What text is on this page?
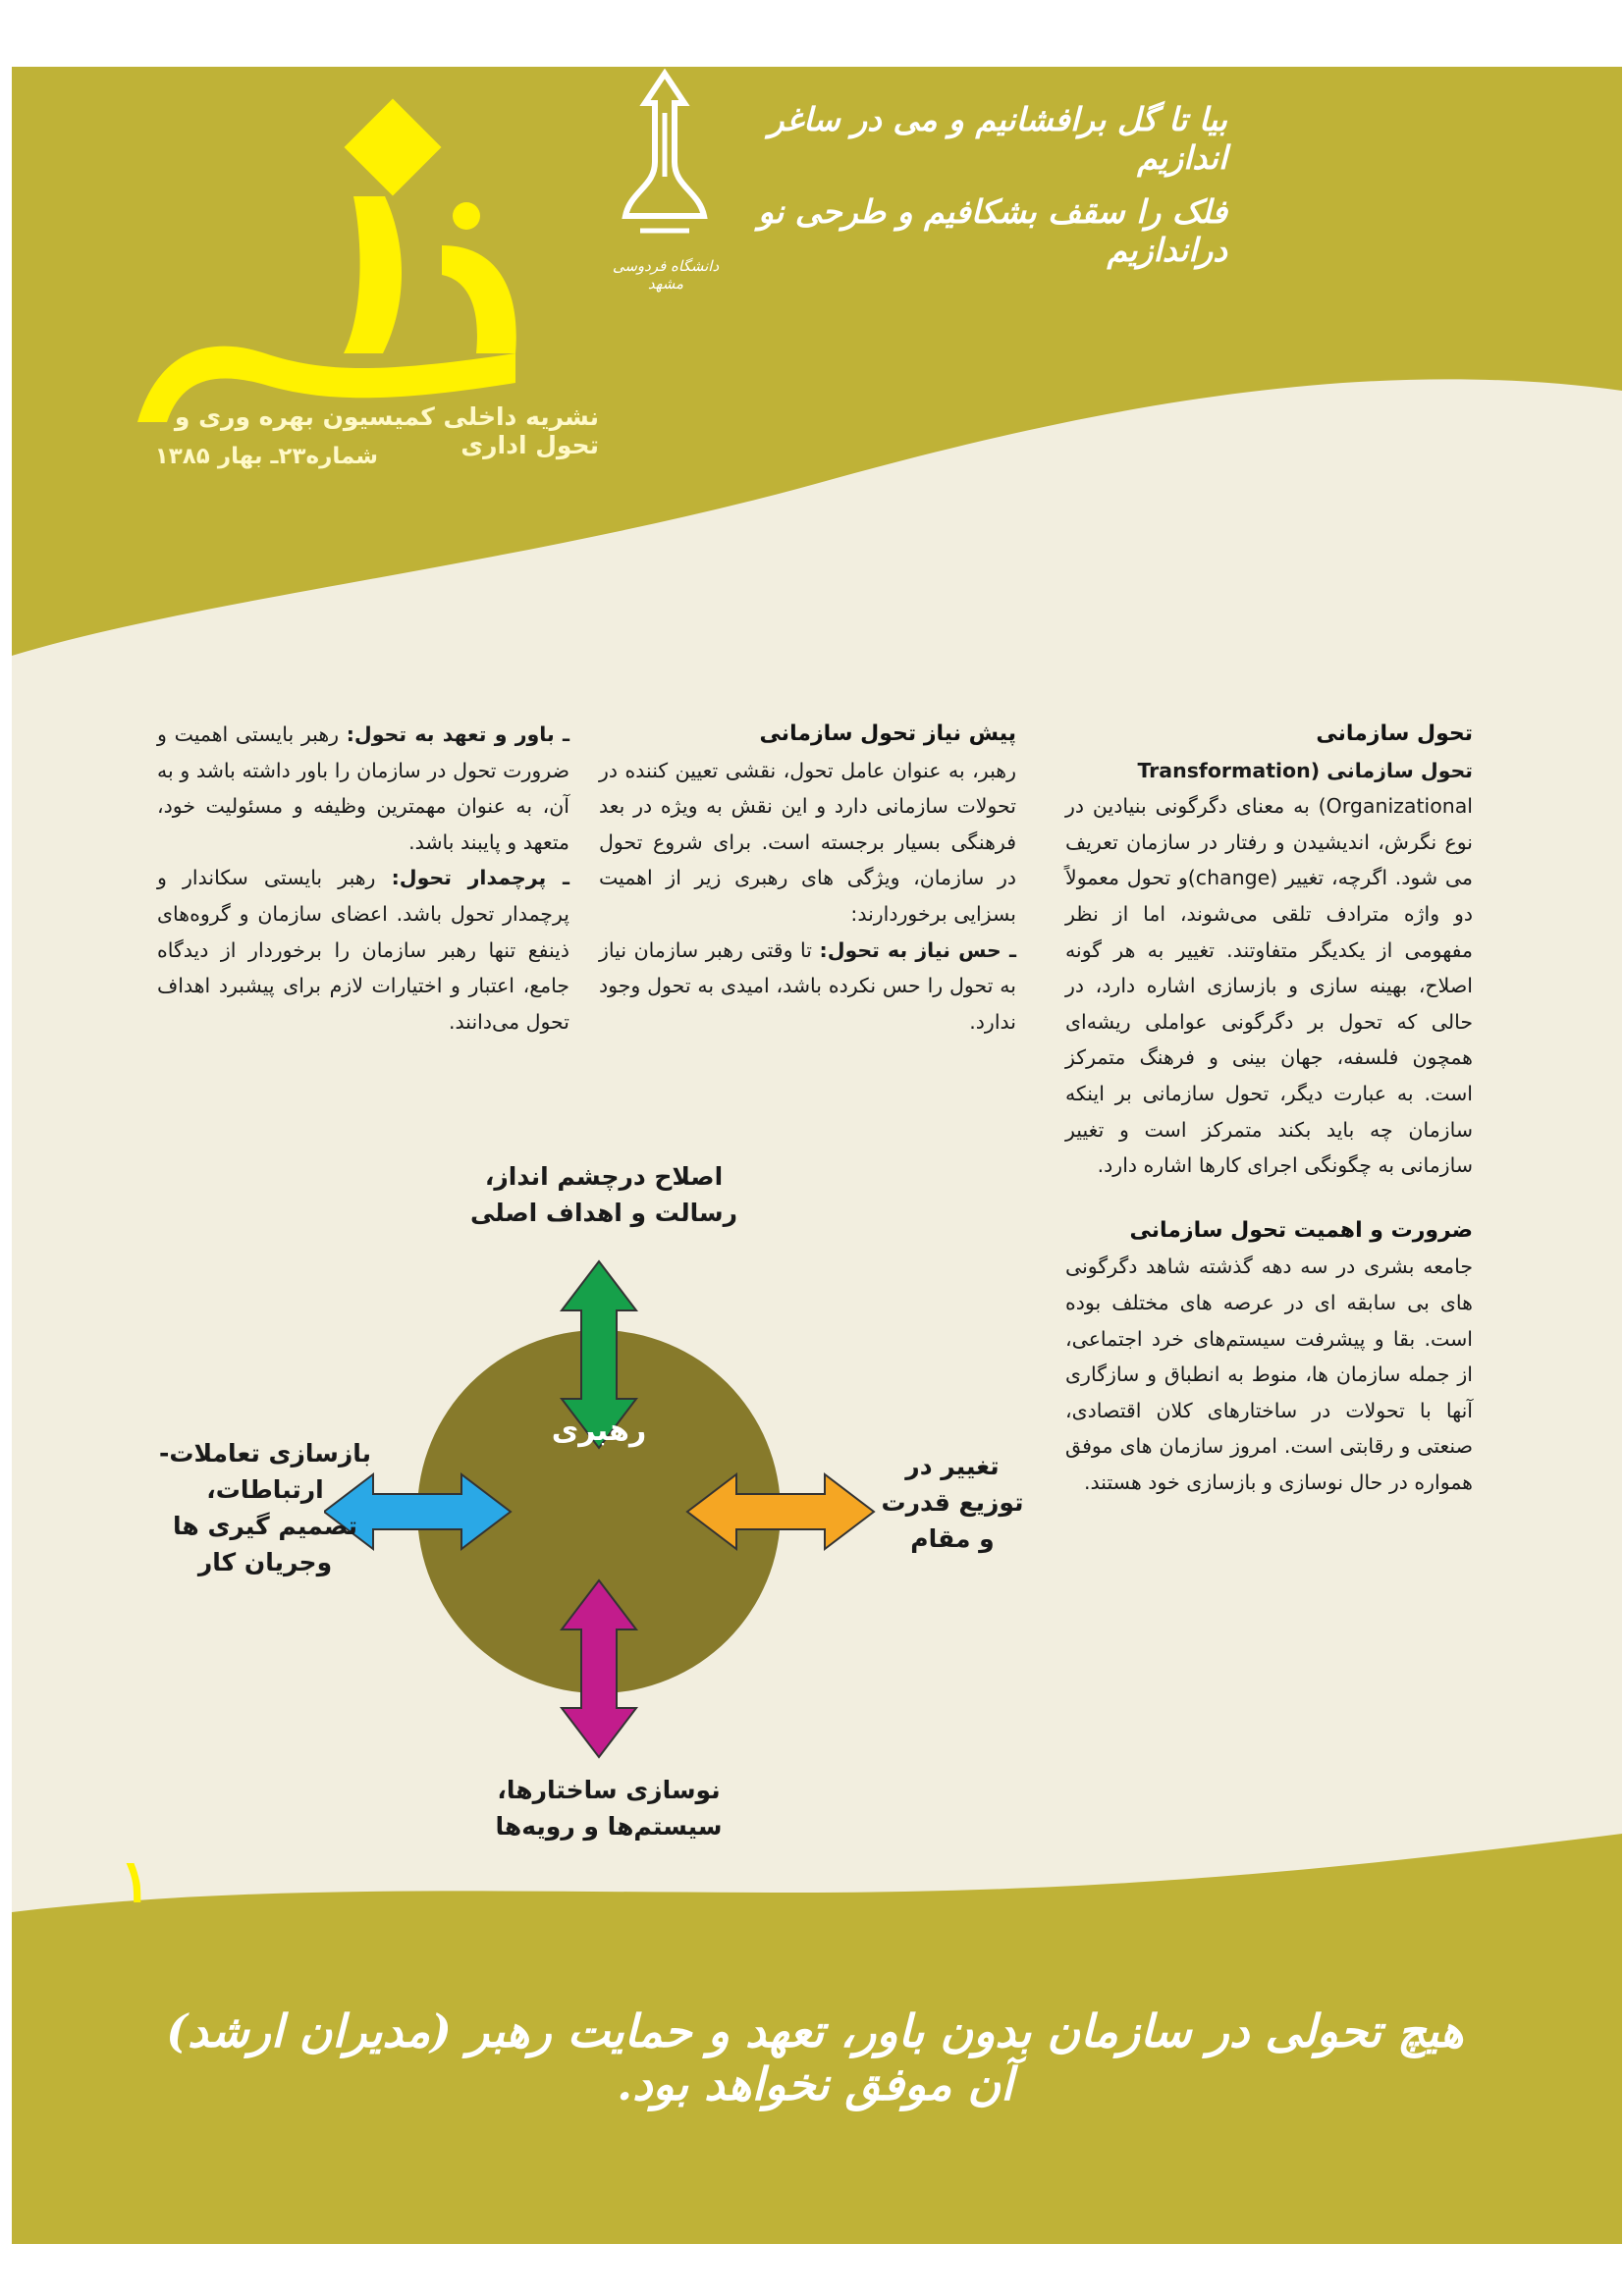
نشریه داخلی کمیسیون بهره وری و تحول اداری
شماره۲۳ـ بهار ۱۳۸۵
دانشگاه فردوسی مشهد
بیا تا گل برافشانیم و می در ساغر اندازیم
فلک را سقف بشکافیم و طرحی نو دراندازیم

تحول سازمانی

تحول سازمانی (Transformation

Organizational) به معنای دگرگونی بنیادین در نوع نگرش، اندیشیدن و رفتار در سازمان تعریف می شود. اگرچه، تغییر (change)و تحول معمولاً دو واژه مترادف تلقی می‌شوند، اما از نظر مفهومی از یکدیگر متفاوتند. تغییر به هر گونه اصلاح، بهینه سازی و بازسازی اشاره دارد، در حالی که تحول بر دگرگونی عواملی ریشه‌ای همچون فلسفه، جهان بینی و فرهنگ متمرکز است. به عبارت دیگر، تحول سازمانی بر اینکه سازمان چه باید بکند متمرکز است و تغییر سازمانی به چگونگی اجرای کارها اشاره دارد.

ضرورت و اهمیت تحول سازمانی

جامعه بشری در سه دهه گذشته شاهد دگرگونی های بی سابقه ای در عرصه های مختلف بوده است. بقا و پیشرفت سیستم‌های خرد اجتماعی، از جمله سازمان ها، منوط به انطباق و سازگاری آنها با تحولات در ساختارهای کلان اقتصادی، صنعتی و رقابتی است. امروز سازمان های موفق همواره در حال نوسازی و بازسازی خود هستند.

پیش نیاز تحول سازمانی

رهبر، به عنوان عامل تحول، نقشی تعیین کننده در تحولات سازمانی دارد و این نقش به ویژه در بعد فرهنگی بسیار برجسته است. برای شروع تحول در سازمان، ویژگی های رهبری زیر از اهمیت بسزایی برخوردارند:

ـ حس نیاز به تحول: تا وقتی رهبر سازمان نیاز به تحول را حس نکرده باشد، امیدی به تحول وجود ندارد.

ـ باور و تعهد به تحول: رهبر بایستی اهمیت و ضرورت تحول در سازمان را باور داشته باشد و به آن، به عنوان مهمترین وظیفه و مسئولیت خود، متعهد و پایبند باشد.

ـ پرچمدار تحول: رهبر بایستی سکاندار و پرچمدار تحول باشد. اعضای سازمان و گروه‌های ذینفع تنها رهبر سازمان را برخوردار از دیدگاه جامع، اعتبار و اختیارات لازم برای پیشبرد اهداف تحول می‌دانند.

رهبری
اصلاح درچشم انداز،
رسالت و اهداف اصلی
تغییر در
توزیع قدرت
و مقام
نوسازی ساختارها،
سیستم‌ها و رویه‌ها
بازسازی تعاملات-
ارتباطات،
تصمیم گیری ها
وجریان کار
۱
هیچ تحولی در سازمان بدون باور، تعهد و حمایت رهبر (مدیران ارشد) آن موفق نخواهد بود.
